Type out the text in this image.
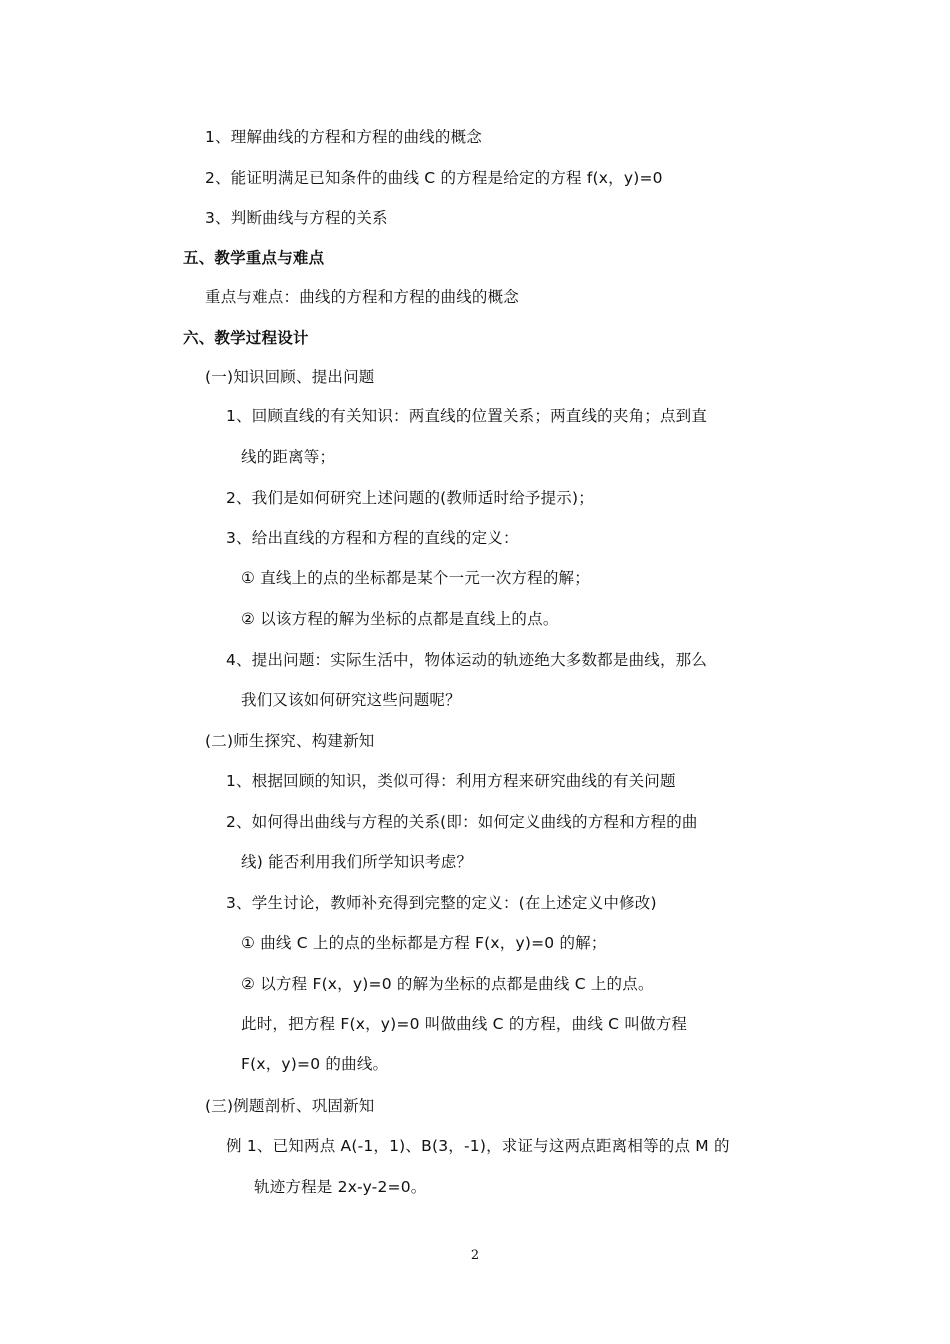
1、理解曲线的方程和方程的曲线的概念
2、能证明满足已知条件的曲线 C 的方程是给定的方程 f(x，y)=0
3、判断曲线与方程的关系
五、教学重点与难点
重点与难点：曲线的方程和方程的曲线的概念
六、教学过程设计
(一)知识回顾、提出问题
1、回顾直线的有关知识：两直线的位置关系；两直线的夹角；点到直
线的距离等；
2、我们是如何研究上述问题的(教师适时给予提示)；
3、给出直线的方程和方程的直线的定义：
① 直线上的点的坐标都是某个一元一次方程的解；
② 以该方程的解为坐标的点都是直线上的点。
4、提出问题：实际生活中，物体运动的轨迹绝大多数都是曲线，那么
我们又该如何研究这些问题呢？
(二)师生探究、构建新知
1、根据回顾的知识，类似可得：利用方程来研究曲线的有关问题
2、如何得出曲线与方程的关系(即：如何定义曲线的方程和方程的曲
线) 能否利用我们所学知识考虑？
3、学生讨论，教师补充得到完整的定义：(在上述定义中修改)
① 曲线 C 上的点的坐标都是方程 F(x，y)=0 的解；
② 以方程 F(x，y)=0 的解为坐标的点都是曲线 C 上的点。
此时，把方程 F(x，y)=0 叫做曲线 C 的方程，曲线 C 叫做方程
F(x，y)=0 的曲线。
(三)例题剖析、巩固新知
例 1、已知两点 A(-1，1)、B(3，-1)，求证与这两点距离相等的点 M 的
轨迹方程是 2x-y-2=0。
2
